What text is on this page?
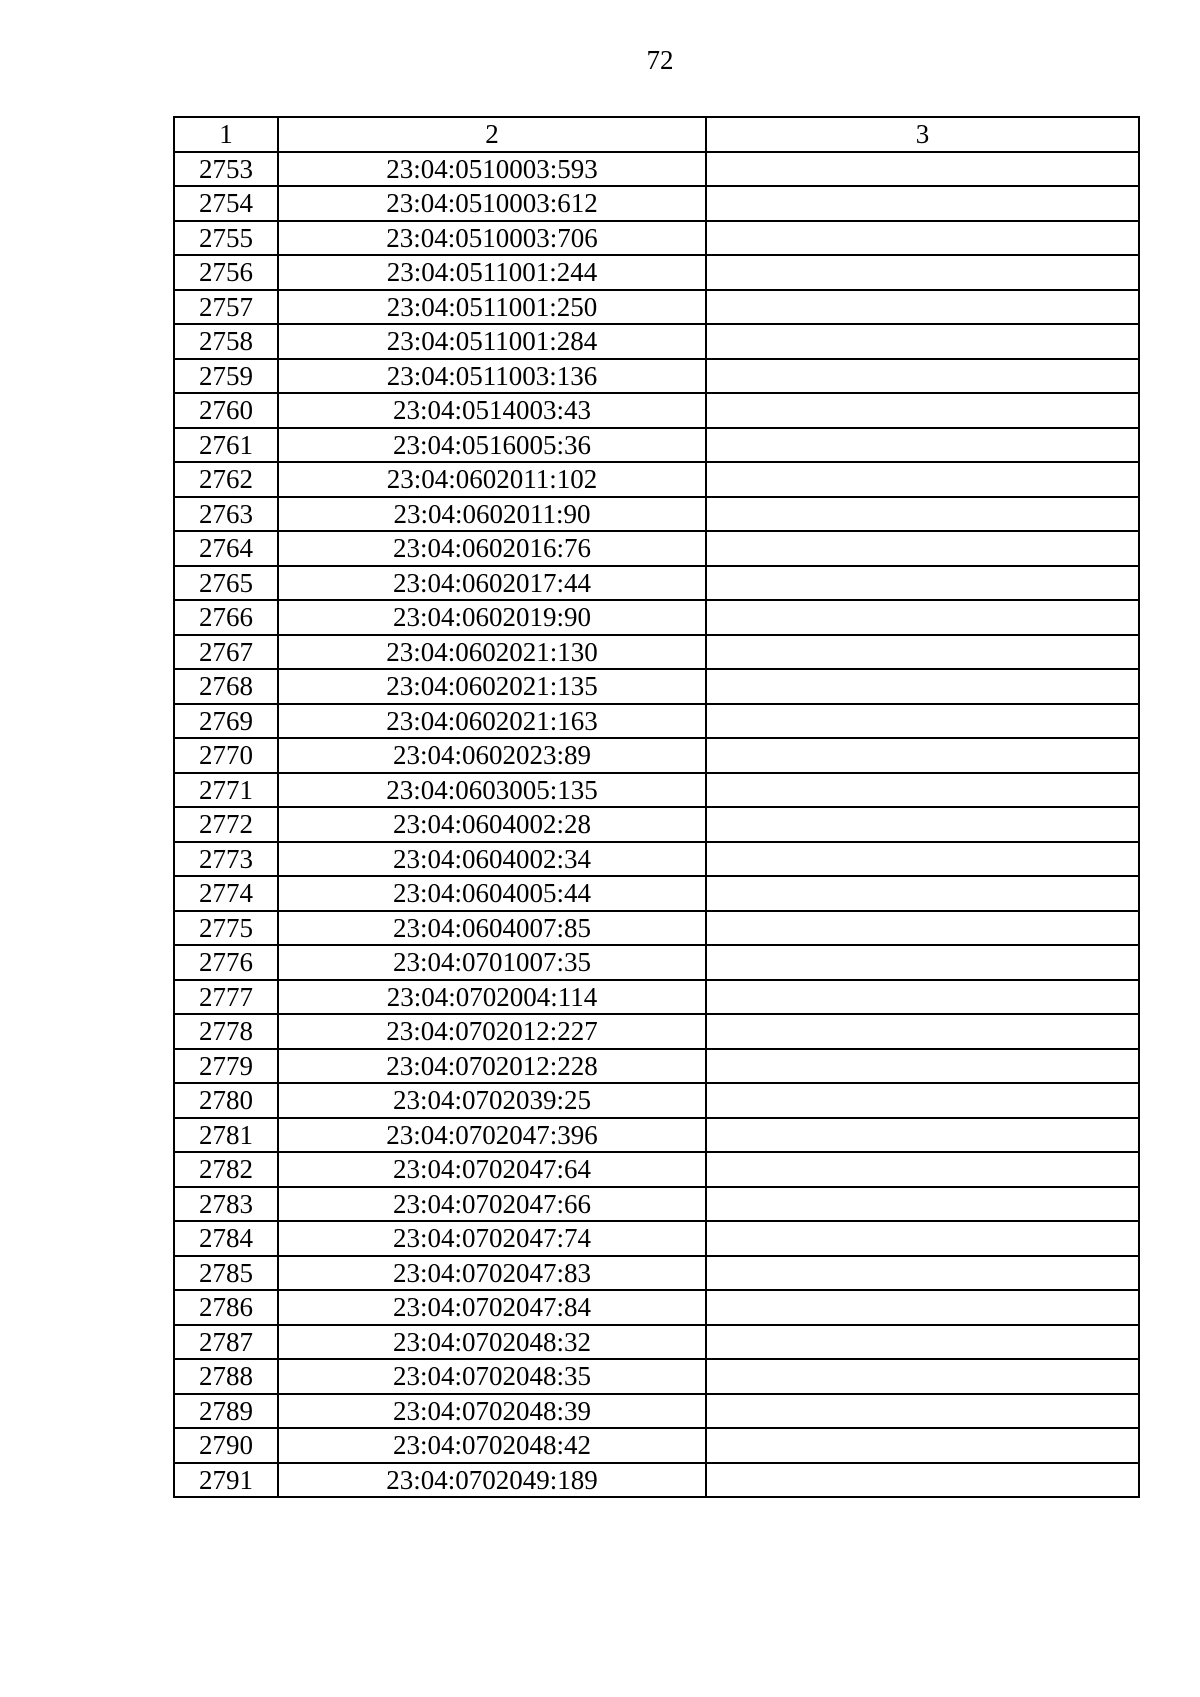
72
1	2	3
2753	23:04:0510003:593	
2754	23:04:0510003:612	
2755	23:04:0510003:706	
2756	23:04:0511001:244	
2757	23:04:0511001:250	
2758	23:04:0511001:284	
2759	23:04:0511003:136	
2760	23:04:0514003:43	
2761	23:04:0516005:36	
2762	23:04:0602011:102	
2763	23:04:0602011:90	
2764	23:04:0602016:76	
2765	23:04:0602017:44	
2766	23:04:0602019:90	
2767	23:04:0602021:130	
2768	23:04:0602021:135	
2769	23:04:0602021:163	
2770	23:04:0602023:89	
2771	23:04:0603005:135	
2772	23:04:0604002:28	
2773	23:04:0604002:34	
2774	23:04:0604005:44	
2775	23:04:0604007:85	
2776	23:04:0701007:35	
2777	23:04:0702004:114	
2778	23:04:0702012:227	
2779	23:04:0702012:228	
2780	23:04:0702039:25	
2781	23:04:0702047:396	
2782	23:04:0702047:64	
2783	23:04:0702047:66	
2784	23:04:0702047:74	
2785	23:04:0702047:83	
2786	23:04:0702047:84	
2787	23:04:0702048:32	
2788	23:04:0702048:35	
2789	23:04:0702048:39	
2790	23:04:0702048:42	
2791	23:04:0702049:189	
